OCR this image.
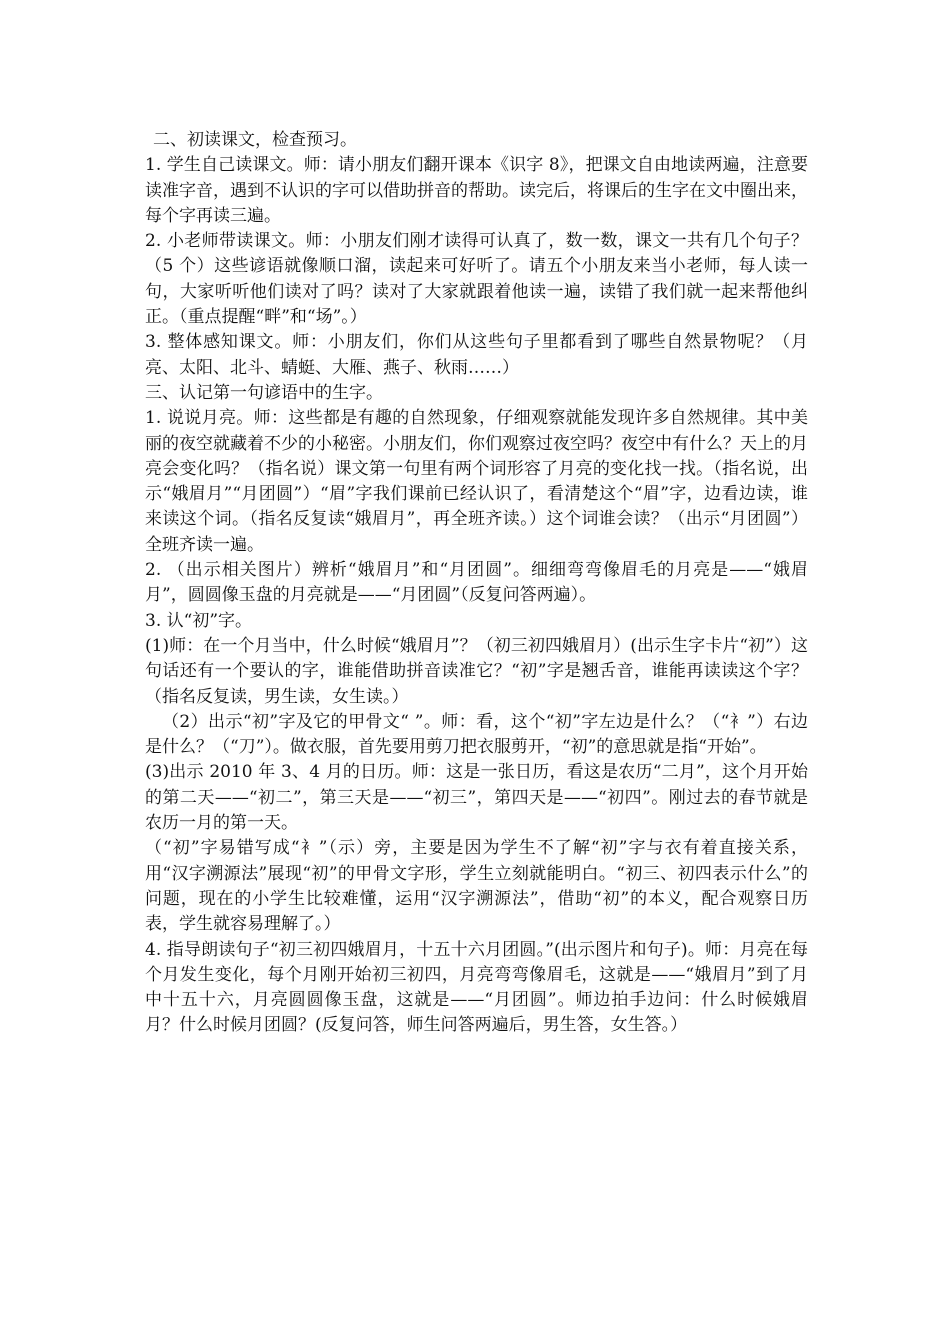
二、初读课文，检查预习。

1. 学生自己读课文。师：请小朋友们翻开课本《识字 8》，把课文自由地读两遍，注意要读准字音，遇到不认识的字可以借助拼音的帮助。读完后，将课后的生字在文中圈出来，每个字再读三遍。

2. 小老师带读课文。师：小朋友们刚才读得可认真了，数一数，课文一共有几个句子？（5 个）这些谚语就像顺口溜，读起来可好听了。请五个小朋友来当小老师，每人读一句，大家听听他们读对了吗？读对了大家就跟着他读一遍，读错了我们就一起来帮他纠正。（重点提醒“畔”和“场”。）

3. 整体感知课文。师：小朋友们，你们从这些句子里都看到了哪些自然景物呢？（月亮、太阳、北斗、蜻蜓、大雁、燕子、秋雨……）

三、认记第一句谚语中的生字。

1. 说说月亮。师：这些都是有趣的自然现象，仔细观察就能发现许多自然规律。其中美丽的夜空就藏着不少的小秘密。小朋友们，你们观察过夜空吗？夜空中有什么？天上的月亮会变化吗？（指名说）课文第一句里有两个词形容了月亮的变化找一找。（指名说，出示“娥眉月”“月团圆”）“眉”字我们课前已经认识了，看清楚这个“眉”字，边看边读，谁来读这个词。（指名反复读“娥眉月”，再全班齐读。）这个词谁会读？（出示“月团圆”）全班齐读一遍。

2. （出示相关图片）辨析“娥眉月”和“月团圆”。细细弯弯像眉毛的月亮是——“娥眉月”，圆圆像玉盘的月亮就是——“月团圆”（反复问答两遍）。

3. 认“初”字。

(1)师：在一个月当中，什么时候“娥眉月”？（初三初四娥眉月）(出示生字卡片“初”）这句话还有一个要认的字，谁能借助拼音读准它？“初”字是翘舌音，谁能再读读这个字？（指名反复读，男生读，女生读。）

（2）出示“初”字及它的甲骨文“ ”。师：看，这个“初”字左边是什么？（“衤”）右边是什么？（“刀”）。做衣服，首先要用剪刀把衣服剪开，“初”的意思就是指“开始”。

(3)出示 2010 年 3、4 月的日历。师：这是一张日历，看这是农历“二月”，这个月开始的第二天——“初二”，第三天是——“初三”，第四天是——“初四”。刚过去的春节就是农历一月的第一天。

（“初”字易错写成“衤”（示）旁，主要是因为学生不了解“初”字与衣有着直接关系，用“汉字溯源法”展现“初”的甲骨文字形，学生立刻就能明白。“初三、初四表示什么”的问题，现在的小学生比较难懂，运用“汉字溯源法”，借助“初”的本义，配合观察日历表，学生就容易理解了。）

4. 指导朗读句子“初三初四娥眉月，十五十六月团圆。”(出示图片和句子)。师：月亮在每个月发生变化，每个月刚开始初三初四，月亮弯弯像眉毛，这就是——“娥眉月”到了月中十五十六，月亮圆圆像玉盘，这就是——“月团圆”。师边拍手边问：什么时候娥眉月？什么时候月团圆？(反复问答，师生问答两遍后，男生答，女生答。）
